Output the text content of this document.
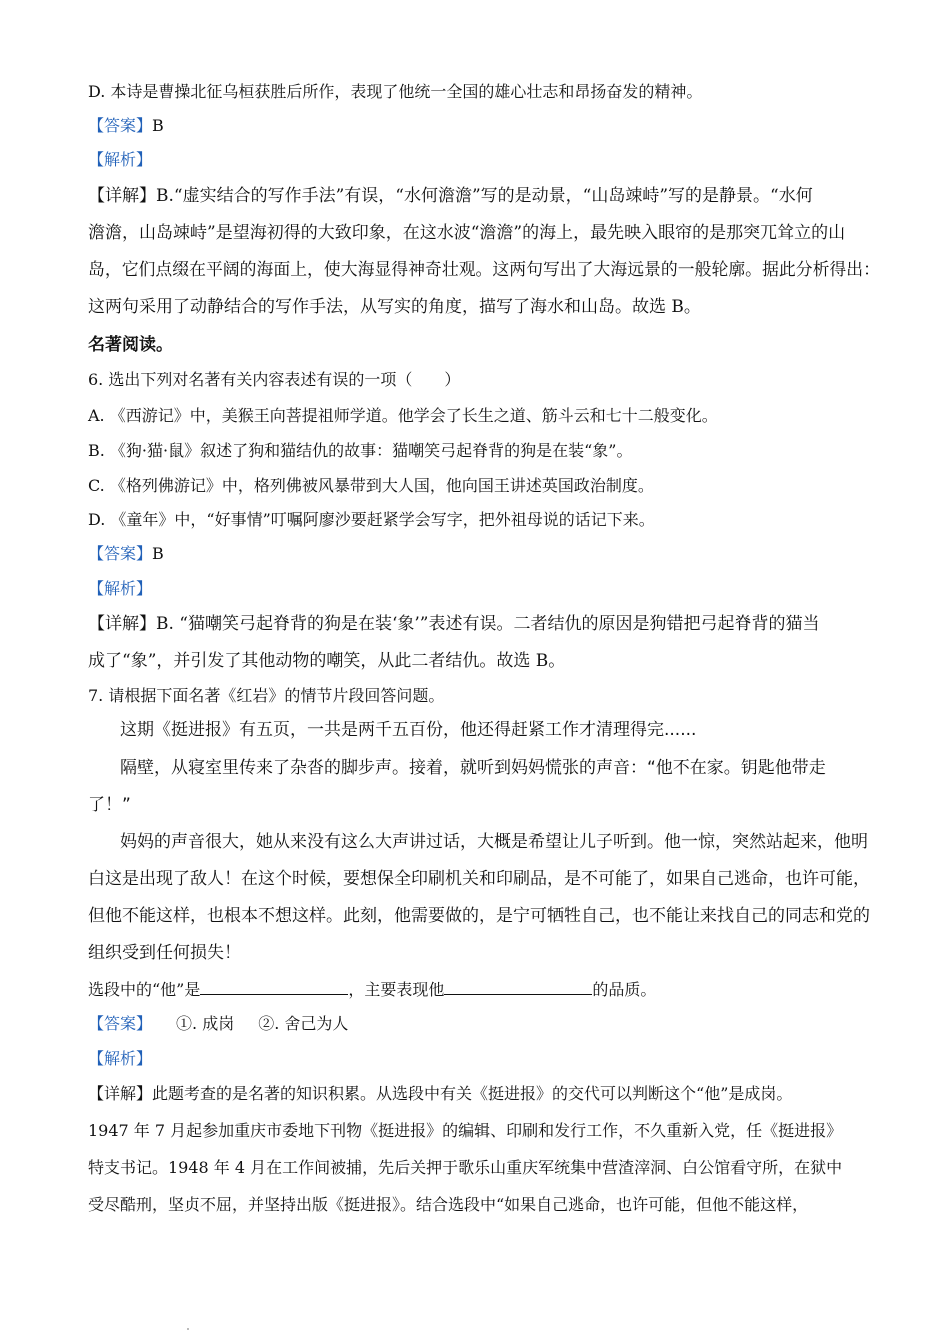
D. 本诗是曹操北征乌桓获胜后所作，表现了他统一全国的雄心壮志和昂扬奋发的精神。
【答案】B
【解析】
【详解】B.“虚实结合的写作手法”有误，“水何澹澹”写的是动景，“山岛竦峙”写的是静景。“水何
澹澹，山岛竦峙”是望海初得的大致印象，在这水波“澹澹”的海上，最先映入眼帘的是那突兀耸立的山
岛，它们点缀在平阔的海面上，使大海显得神奇壮观。这两句写出了大海远景的一般轮廓。据此分析得出：
这两句采用了动静结合的写作手法，从写实的角度，描写了海水和山岛。故选 B。
名著阅读。
6. 选出下列对名著有关内容表述有误的一项（　　）
A. 《西游记》中，美猴王向菩提祖师学道。他学会了长生之道、筋斗云和七十二般变化。
B. 《狗·猫·鼠》叙述了狗和猫结仇的故事：猫嘲笑弓起脊背的狗是在装“象”。
C. 《格列佛游记》中，格列佛被风暴带到大人国，他向国王讲述英国政治制度。
D. 《童年》中，“好事情”叮嘱阿廖沙要赶紧学会写字，把外祖母说的话记下来。
【答案】B
【解析】
【详解】B. “猫嘲笑弓起脊背的狗是在装‘象’”表述有误。二者结仇的原因是狗错把弓起脊背的猫当
成了“象”，并引发了其他动物的嘲笑，从此二者结仇。故选 B。
7. 请根据下面名著《红岩》的情节片段回答问题。
这期《挺进报》有五页，一共是两千五百份，他还得赶紧工作才清理得完......
隔壁，从寝室里传来了杂沓的脚步声。接着，就听到妈妈慌张的声音：“他不在家。钥匙他带走
了！”
妈妈的声音很大，她从来没有这么大声讲过话，大概是希望让儿子听到。他一惊，突然站起来，他明
白这是出现了敌人！在这个时候，要想保全印刷机关和印刷品，是不可能了，如果自己逃命，也许可能，
但他不能这样，也根本不想这样。此刻，他需要做的，是宁可牺牲自己，也不能让来找自己的同志和党的
组织受到任何损失！
选段中的“他”是	，主要表现他	的品质。
【答案】 ①. 成岗 ②. 舍己为人
【解析】
【详解】此题考查的是名著的知识积累。从选段中有关《挺进报》的交代可以判断这个“他”是成岗。
1947 年 7 月起参加重庆市委地下刊物《挺进报》的编辑、印刷和发行工作，不久重新入党，任《挺进报》
特支书记。1948 年 4 月在工作间被捕，先后关押于歌乐山重庆军统集中营渣滓洞、白公馆看守所，在狱中
受尽酷刑，坚贞不屈，并坚持出版《挺进报》。结合选段中“如果自己逃命，也许可能，但他不能这样，
